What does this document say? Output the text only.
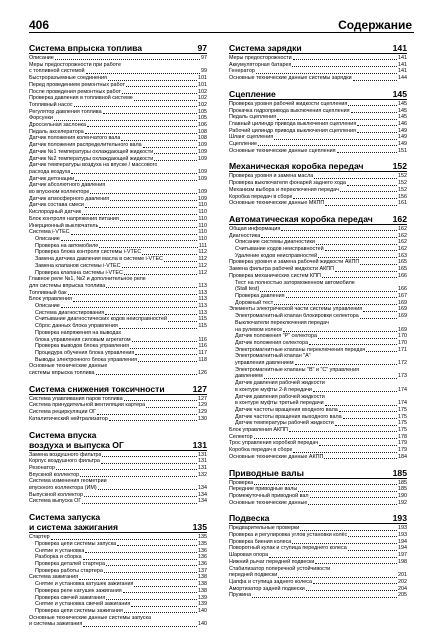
406	Содержание
Система впрыска топлива	97
Описание	97
Меры предосторожности при работе
с топливной системой	99
Быстроразъемные соединения	101
Перед проведением ремонтных работ	101
После проведения ремонтных работ	102
Проверка давления в топливной системе	102
Топливный насос	102
Регулятор давления топлива	105
Форсунки	105
Дроссельная заслонка	106
Педаль акселератора	108
Датчик положения коленчатого вала	108
Датчик положения распределительного вала	109
Датчик №1 температуры охлаждающей жидкости	109
Датчик №2 температуры охлаждающей жидкости	109
Датчик температуры воздуха на впуске / массового
расхода воздуха	109
Датчик детонации	109
Датчик абсолютного давления
во впускном коллекторе	109
Датчик атмосферного давления	109
Датчик состава смеси	110
Кислородный датчик	110
Блок контроля напряжения питания	110
Инерционный выключатель	110
Система i-VTEC	110
Описание	110
Проверка на автомобиле	111
Проверка блока контроля системы i-VTEC	112
Замена датчика давления масла в системе i-VTEC	112
Замена клапанов системы i-VTEC	112
Проверка клапана системы i-VTEC	112
Главное реле №1, №2 и дополнительное реле
для системы впрыска топлива	113
Топливный бак	113
Блок управления	113
Описание	113
Система диагностирования	113
Считывание диагностических кодов неисправностей	115
Сброс данных блока управления	115
Проверка напряжения на выводах
блока управления силовым агрегатом	116
Проверка выводов блока управления	116
Процедура обучения блока управления	117
Выводы электронного блока управления	118
Основные технические данные
системы впрыска топлива	126
Система снижения токсичности	127
Система улавливания паров топлива	127
Система принудительной вентиляции картера	129
Система рециркуляции ОГ	129
Каталитический нейтрализатор	130
Система впуска
воздуха и выпуска ОГ	131
Замена воздушного фильтра	131
Корпус воздушного фильтра	131
Резонатор	131
Впускной коллектор	132
Система изменения геометрии
впускного коллектора (ИМ)	134
Выпускной коллектор	134
Система выпуска ОГ	134
Система запуска
и система зажигания	135
Стартер	135
Проверка цепи системы запуска	135
Снятие и установка	136
Разборка и сборка	136
Проверка деталей стартера	136
Проверка работы стартера	137
Система зажигания	138
Снятие и установка катушек зажигания	138
Проверка реле катушек зажигания	138
Проверка свечей зажигания	139
Снятие и установка свечей зажигания	139
Проверка цепи системы зажигания	140
Основные технические данные системы запуска
и системы зажигания	140
Система зарядки	141
Меры предосторожности	141
Аккумуляторная батарея	141
Генератор	141
Основные технические данные системы зарядки	144
Сцепление	145
Проверка уровня рабочей жидкости сцепления	145
Прокачка гидропривода выключения сцепления	145
Педаль сцепления	145
Главный цилиндр привода выключения сцепления	146
Рабочий цилиндр привода выключения сцепления	149
Шланг сцепления	149
Сцепление	149
Основные технические данные сцепления	151
Механическая коробка передач	152
Проверка уровня и замена масла	152
Проверка выключателя фонарей заднего хода	152
Механизм выбора и переключения передач	152
Коробка передач в сборе	156
Основные технические данные МКПП	161
Автоматическая коробка передач 162
Общая информация	162
Диагностика	162
Описание системы диагностики	162
Считывание кодов неисправностей	162
Удаление кодов неисправностей	163
Проверка уровня и замена рабочей жидкости АКПП	165
Замена фильтра рабочей жидкости АКПП	165
Проверка механических систем КПП	166
Тест на полностью заторможенном автомобиле
(Stall test)	166
Проверка давления	167
Дорожный тест	169
Элементы электрической части системы управления	169
Электромагнитный клапан блокировки селектора	169
Выключатели переключения передач
на рулевом колесе	169
Датчик положения "P" селектора	170
Датчик положения селектора	170
Электромагнитные клапаны переключения передач	171
Электромагнитный клапан "A"
управления давлением	172
Электромагнитные клапаны "B" и "C" управления
давлением	173
Датчик давления рабочей жидкости
в контуре муфты 2-й передачи	174
Датчик давления рабочей жидкости
в контуре муфты третьей передачи	174
Датчик частоты вращения входного вала	175
Датчик частоты вращения выходного вала	175
Датчик температуры рабочей жидкости	175
Блок управления АКПП	175
Селектор	178
Трос управления коробкой передач	179
Коробка передач в сборе	179
Основные технические данные АКПП	184
Приводные валы	185
Проверка	185
Передние приводные валы	185
Промежуточный приводной вал	190
Основные технические данные	192
Подвеска	193
Предварительные проверки	193
Проверка и регулировка углов установки колёс	193
Проверка биения колеса	194
Поворотный кулак и ступица переднего колеса	194
Шаровая опора	197
Нижний рычаг передней подвески	198
Стабилизатор поперечной устойчивости
передней подвески	201
Цапфа и ступица заднего колеса	202
Амортизатор задней подвески	204
Пружина	205
